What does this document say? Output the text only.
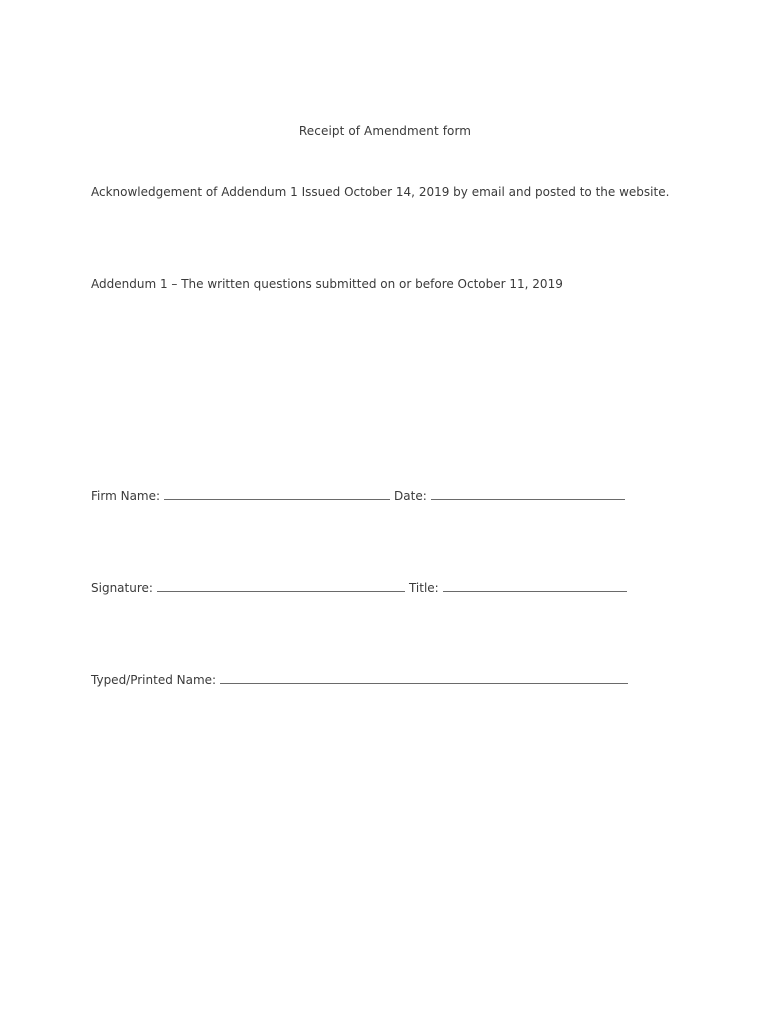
Receipt of Amendment form
Acknowledgement of Addendum 1 Issued October 14, 2019 by email and posted to the website.
Addendum 1 – The written questions submitted on or before October 11, 2019
Firm Name:	Date:
Signature:	Title:
Typed/Printed Name:
